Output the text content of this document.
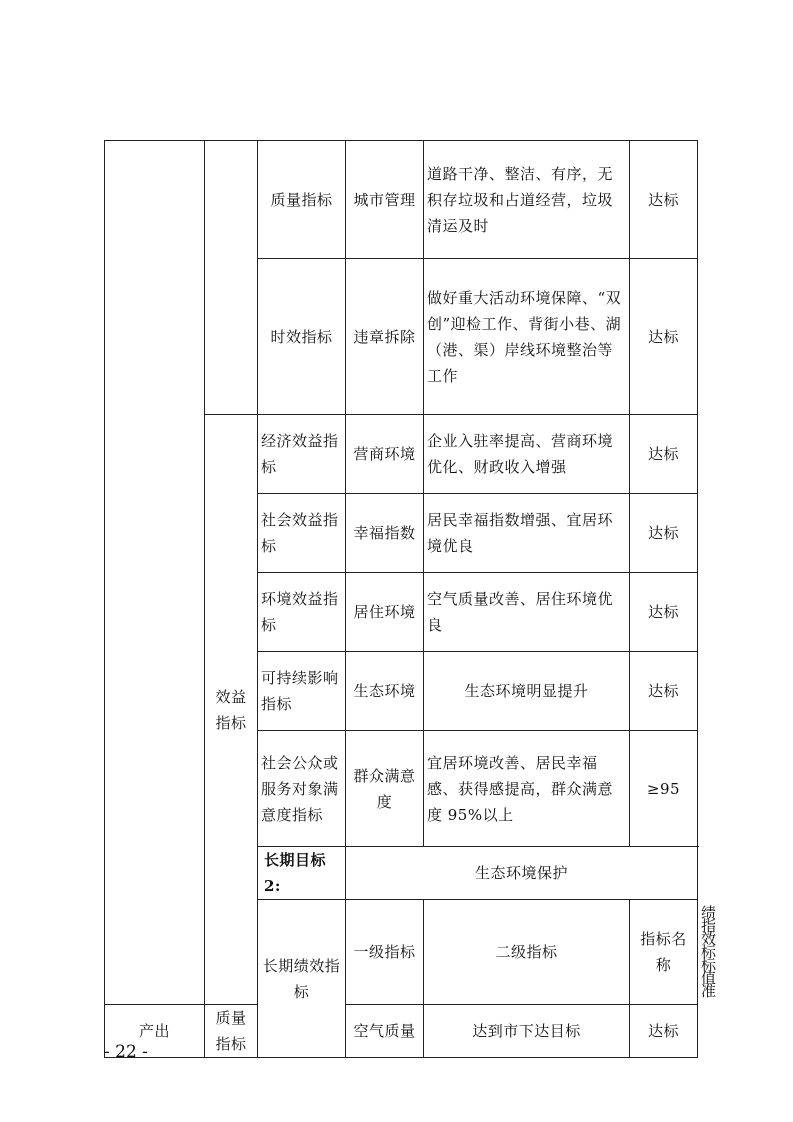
		质量指标	城市管理	道路干净、整洁、有序，无积存垃圾和占道经营，垃圾清运及时	达标	
		时效指标	违章拆除	做好重大活动环境保障、“双创”迎检工作、背街小巷、湖（港、渠）岸线环境整治等工作	达标	
	效益指标	经济效益指标	营商环境	企业入驻率提高、营商环境优化、财政收入增强	达标	
		社会效益指标	幸福指数	居民幸福指数增强、宜居环境优良	达标	
		环境效益指标	居住环境	空气质量改善、居住环境优良	达标	
		可持续影响指标	生态环境	生态环境明显提升	达标	
		社会公众或服务对象满意度指标	群众满意度	宜居环境改善、居民幸福感、获得感提高，群众满意度 95%以上	≥95	
		长期目标 2:	生态环境保护			
		长期绩效指标	一级指标	二级指标	指标名称	指标值	绩效标准
产出	质量指标		空气质量	达到市下达目标	达标	
- 22 -
